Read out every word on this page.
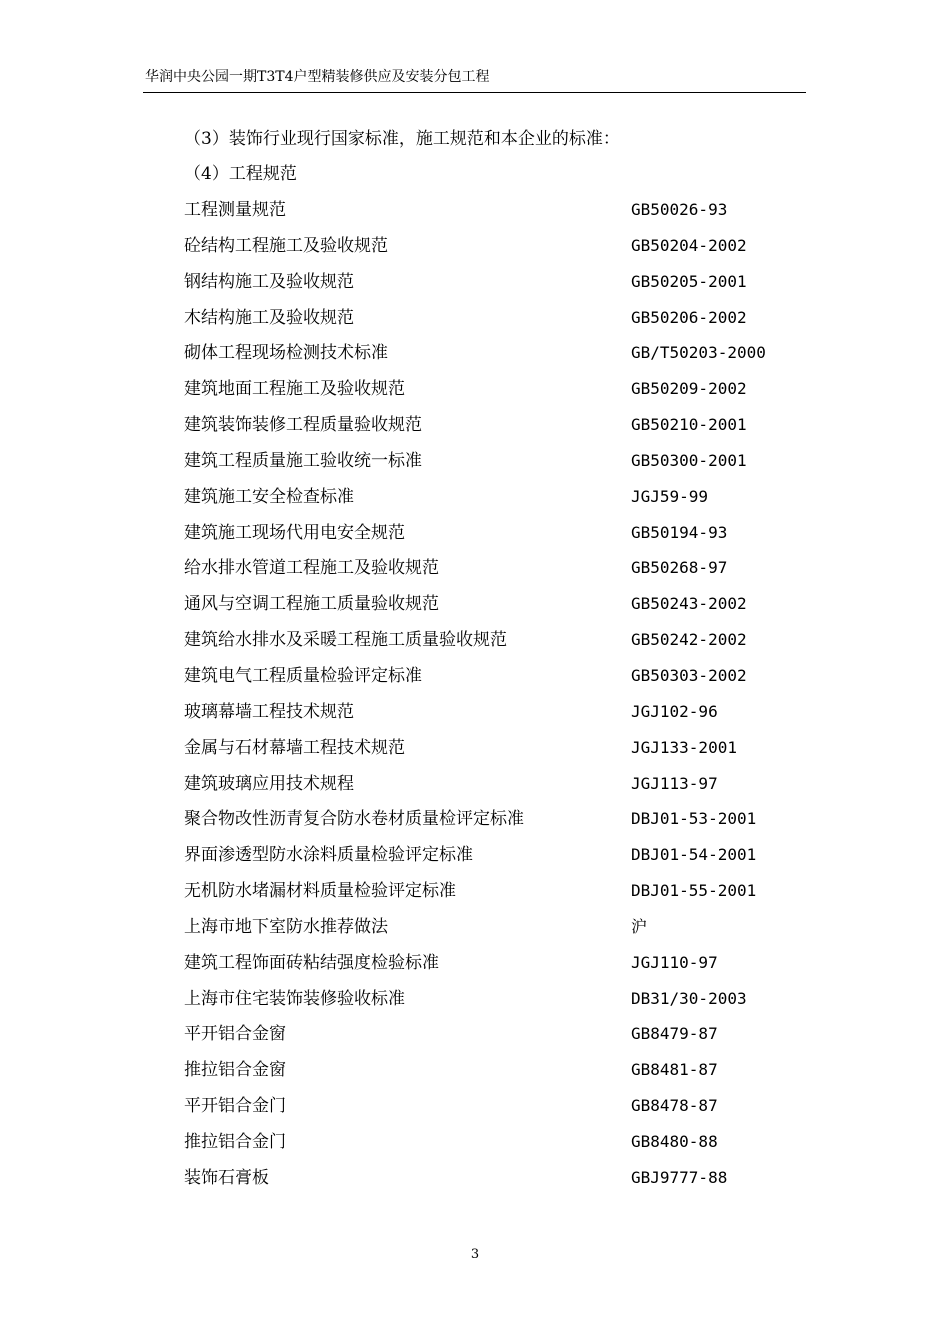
华润中央公园一期T3T4户型精装修供应及安装分包工程
（3）装饰行业现行国家标准，施工规范和本企业的标准：
（4）工程规范
工程测量规范	GB50026-93
砼结构工程施工及验收规范	GB50204-2002
钢结构施工及验收规范	GB50205-2001
木结构施工及验收规范	GB50206-2002
砌体工程现场检测技术标准	GB/T50203-2000
建筑地面工程施工及验收规范	GB50209-2002
建筑装饰装修工程质量验收规范	GB50210-2001
建筑工程质量施工验收统一标准	GB50300-2001
建筑施工安全检查标准	JGJ59-99
建筑施工现场代用电安全规范	GB50194-93
给水排水管道工程施工及验收规范	GB50268-97
通风与空调工程施工质量验收规范	GB50243-2002
建筑给水排水及采暖工程施工质量验收规范	GB50242-2002
建筑电气工程质量检验评定标准	GB50303-2002
玻璃幕墙工程技术规范	JGJ102-96
金属与石材幕墙工程技术规范	JGJ133-2001
建筑玻璃应用技术规程	JGJ113-97
聚合物改性沥青复合防水卷材质量检评定标准	DBJ01-53-2001
界面渗透型防水涂料质量检验评定标准	DBJ01-54-2001
无机防水堵漏材料质量检验评定标准	DBJ01-55-2001
上海市地下室防水推荐做法	沪
建筑工程饰面砖粘结强度检验标准	JGJ110-97
上海市住宅装饰装修验收标准	DB31/30-2003
平开铝合金窗	GB8479-87
推拉铝合金窗	GB8481-87
平开铝合金门	GB8478-87
推拉铝合金门	GB8480-88
装饰石膏板	GBJ9777-88
3
